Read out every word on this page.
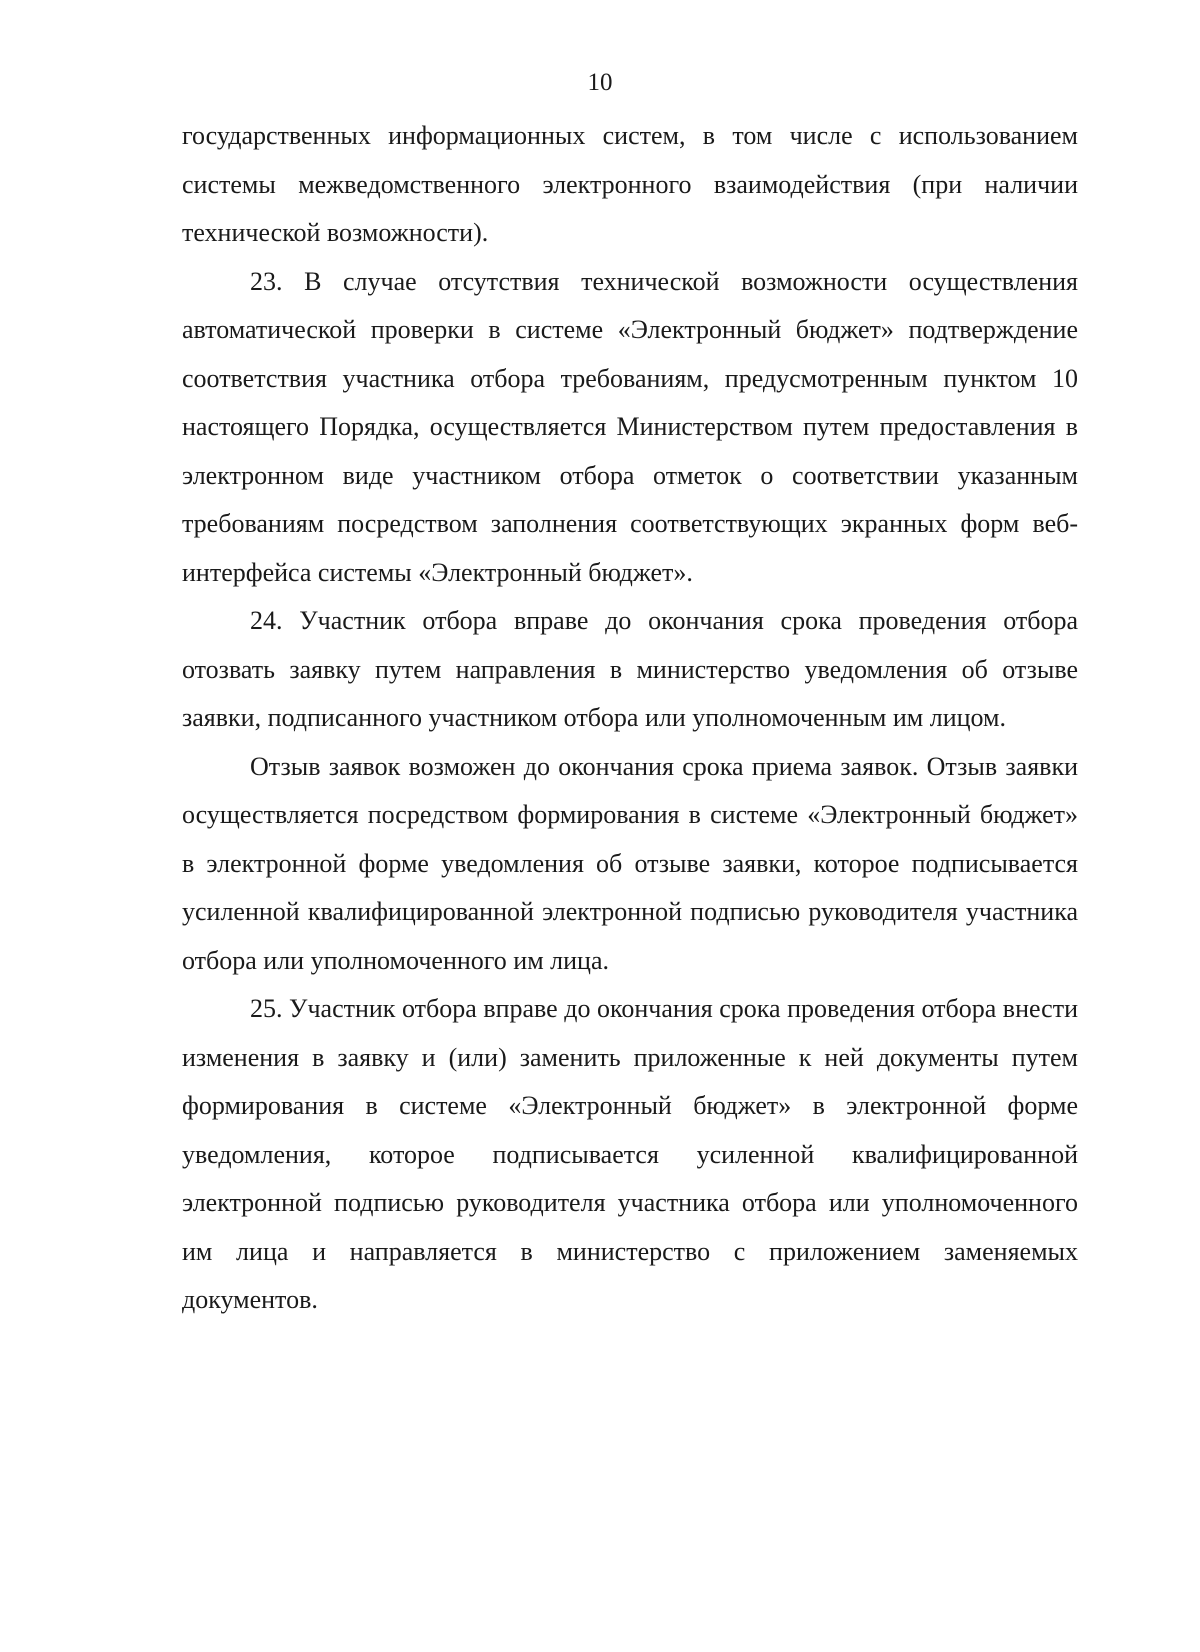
10

государственных информационных систем, в том числе с использованием системы межведомственного электронного взаимодействия (при наличии технической возможности).

23. В случае отсутствия технической возможности осуществления автоматической проверки в системе «Электронный бюджет» подтверждение соответствия участника отбора требованиям, предусмотренным пунктом 10 настоящего Порядка, осуществляется Министерством путем предоставления в электронном виде участником отбора отметок о соответствии указанным требованиям посредством заполнения соответствующих экранных форм веб-интерфейса системы «Электронный бюджет».

24. Участник отбора вправе до окончания срока проведения отбора отозвать заявку путем направления в министерство уведомления об отзыве заявки, подписанного участником отбора или уполномоченным им лицом.

Отзыв заявок возможен до окончания срока приема заявок. Отзыв заявки осуществляется посредством формирования в системе «Электронный бюджет» в электронной форме уведомления об отзыве заявки, которое подписывается усиленной квалифицированной электронной подписью руководителя участника отбора или уполномоченного им лица.

25. Участник отбора вправе до окончания срока проведения отбора внести изменения в заявку и (или) заменить приложенные к ней документы путем формирования в системе «Электронный бюджет» в электронной форме уведомления, которое подписывается усиленной квалифицированной электронной подписью руководителя участника отбора или уполномоченного им лица и направляется в министерство с приложением заменяемых документов.
